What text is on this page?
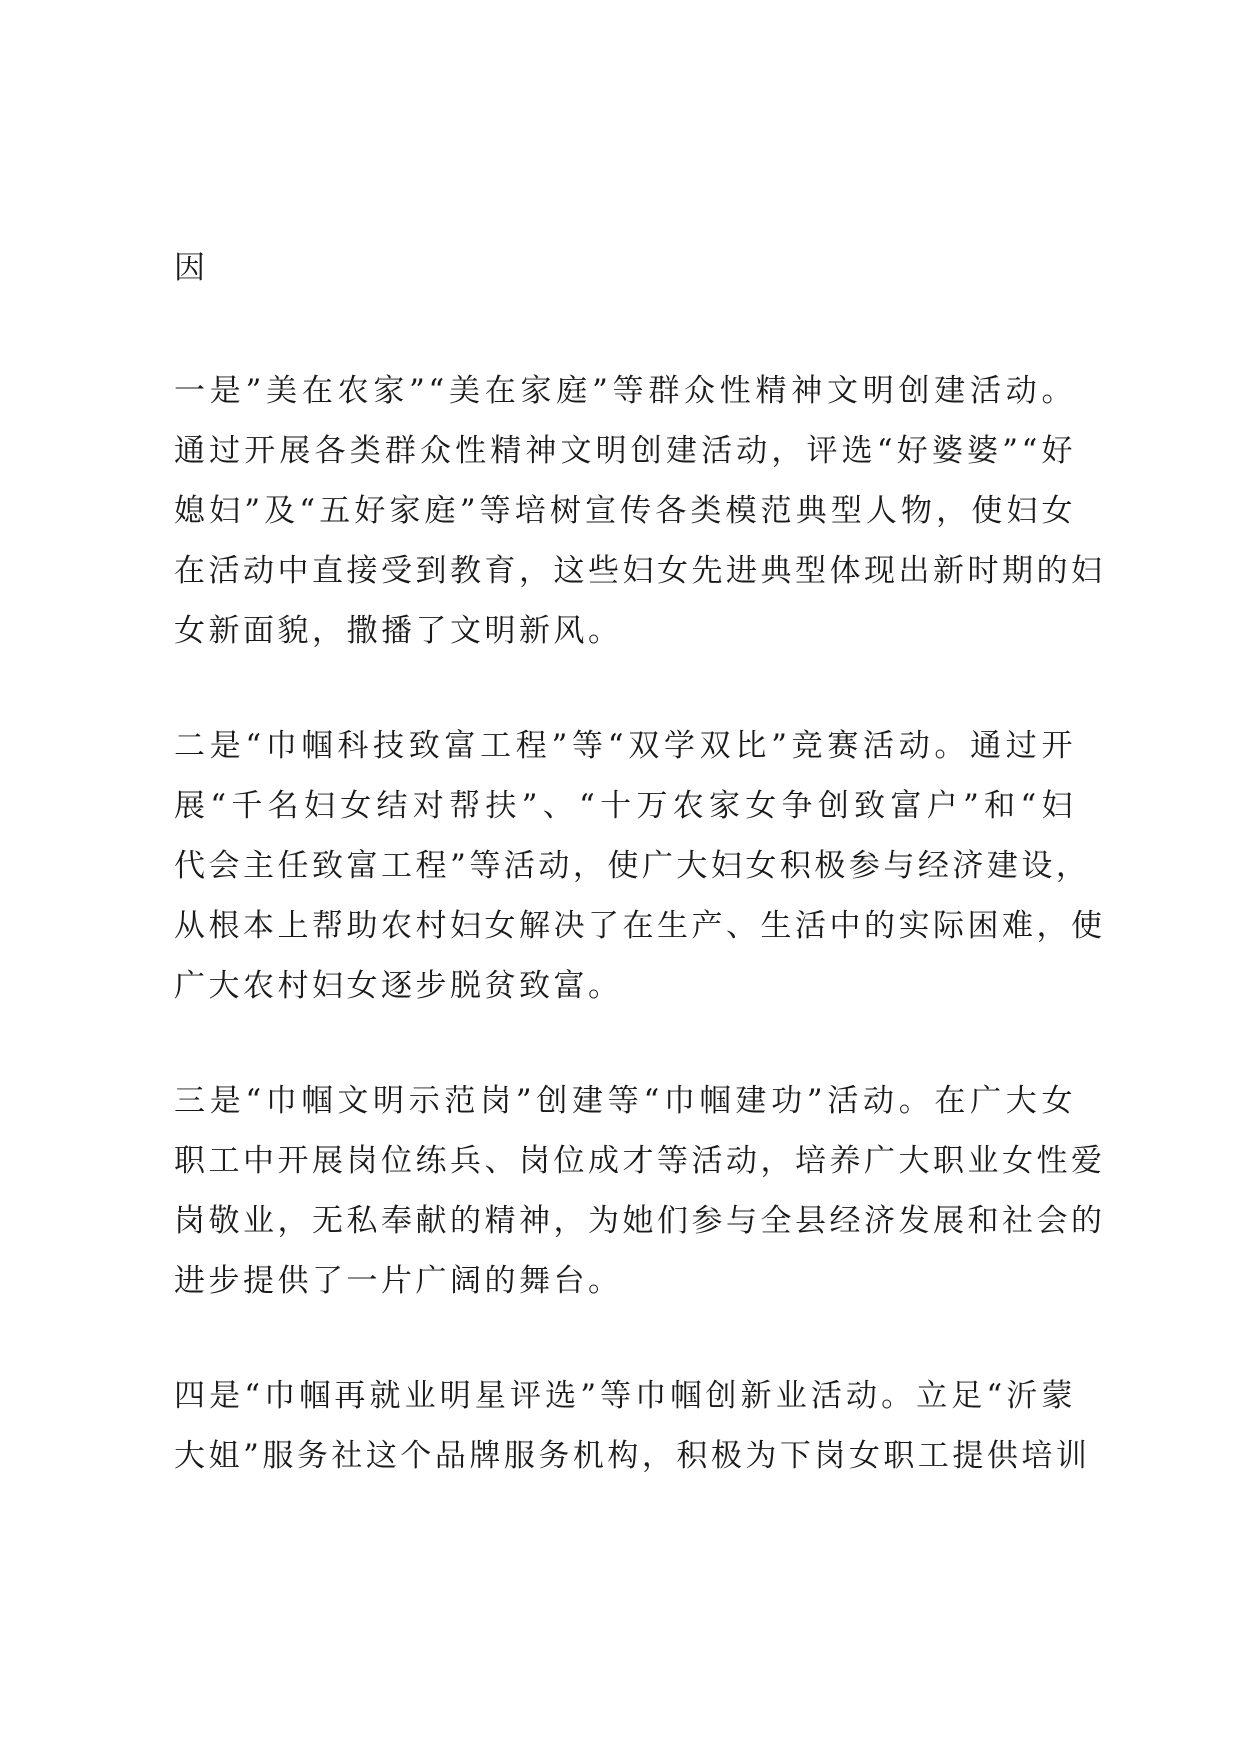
因
一是”美在农家”“美在家庭”等群众性精神文明创建活动。
通过开展各类群众性精神文明创建活动，评选“好婆婆”“好
媳妇”及“五好家庭”等培树宣传各类模范典型人物，使妇女
在活动中直接受到教育，这些妇女先进典型体现出新时期的妇
女新面貌，撒播了文明新风。
二是“巾帼科技致富工程”等“双学双比”竞赛活动。通过开
展“千名妇女结对帮扶”、“十万农家女争创致富户”和“妇
代会主任致富工程”等活动，使广大妇女积极参与经济建设，
从根本上帮助农村妇女解决了在生产、生活中的实际困难，使
广大农村妇女逐步脱贫致富。
三是“巾帼文明示范岗”创建等“巾帼建功”活动。在广大女
职工中开展岗位练兵、岗位成才等活动，培养广大职业女性爱
岗敬业，无私奉献的精神，为她们参与全县经济发展和社会的
进步提供了一片广阔的舞台。
四是“巾帼再就业明星评选”等巾帼创新业活动。立足“沂蒙
大姐”服务社这个品牌服务机构，积极为下岗女职工提供培训
